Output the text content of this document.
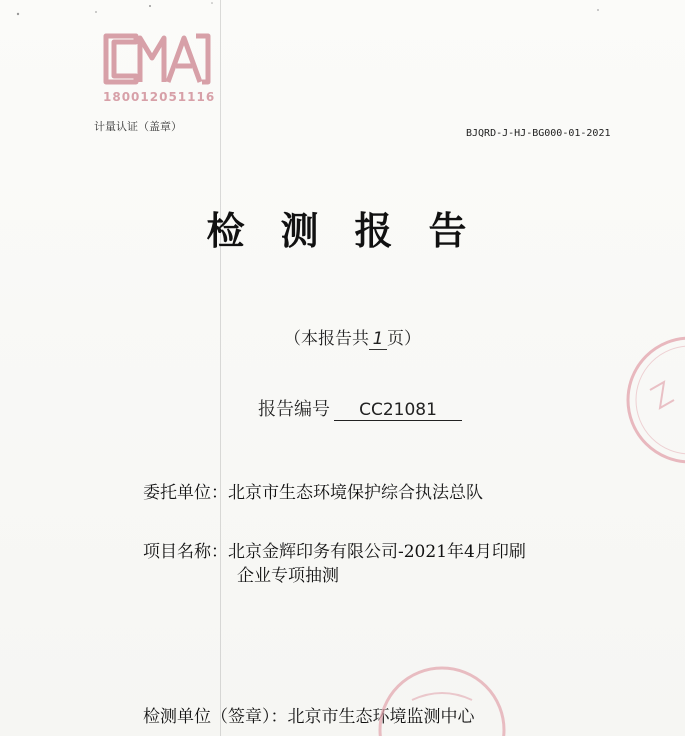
180012051116
计量认证（盖章）
BJQRD-J-HJ-BG000-01-2021
检测报告
（本报告共 1 页）
报告编号 CC21081
委托单位：北京市生态环境保护综合执法总队
项目名称：北京金辉印务有限公司-2021年4月印刷
企业专项抽测
检测单位（签章）：北京市生态环境监测中心
